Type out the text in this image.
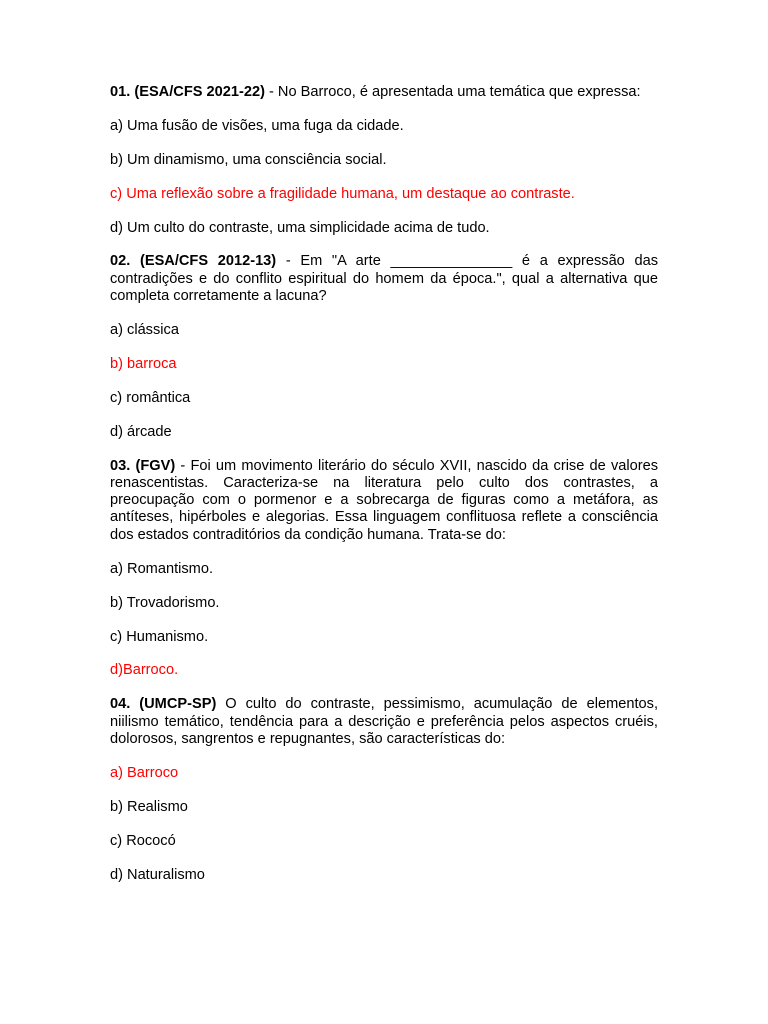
01. (ESA/CFS 2021-22) - No Barroco, é apresentada uma temática que expressa:

a) Uma fusão de visões, uma fuga da cidade.

b) Um dinamismo, uma consciência social.

c) Uma reflexão sobre a fragilidade humana, um destaque ao contraste.

d) Um culto do contraste, uma simplicidade acima de tudo.

02. (ESA/CFS 2012-13) - Em "A arte _______________ é a expressão das contradições e do conflito espiritual do homem da época.", qual a alternativa que completa corretamente a lacuna?

a) clássica

b) barroca

c) romântica

d) árcade

03. (FGV) - Foi um movimento literário do século XVII, nascido da crise de valores renascentistas. Caracteriza-se na literatura pelo culto dos contrastes, a preocupação com o pormenor e a sobrecarga de figuras como a metáfora, as antíteses, hipérboles e alegorias. Essa linguagem conflituosa reflete a consciência dos estados contraditórios da condição humana. Trata-se do:

a) Romantismo.

b) Trovadorismo.

c) Humanismo.

d)Barroco.

04. (UMCP-SP) O culto do contraste, pessimismo, acumulação de elementos, niilismo temático, tendência para a descrição e preferência pelos aspectos cruéis, dolorosos, sangrentos e repugnantes, são características do:

a) Barroco

b) Realismo

c) Rococó

d) Naturalismo
